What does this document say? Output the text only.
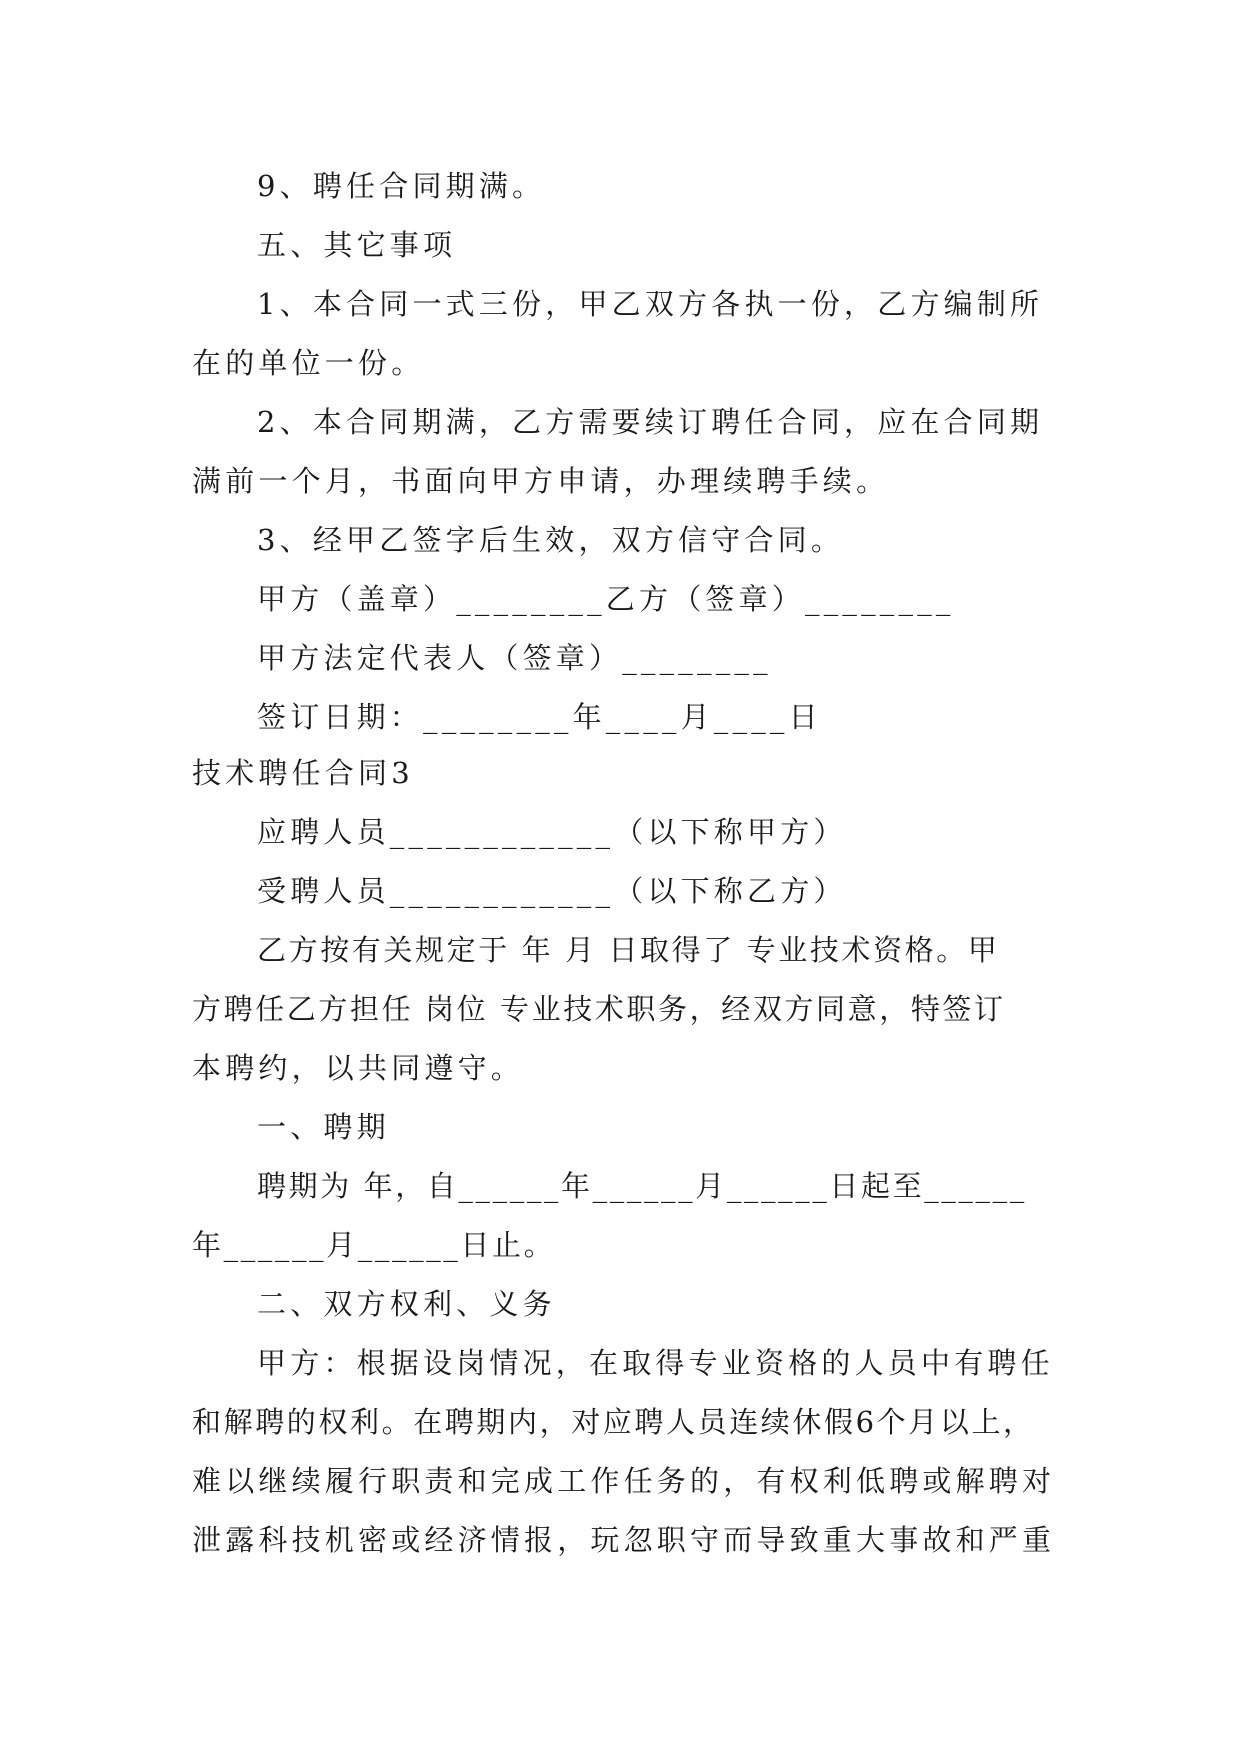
9、聘任合同期满。
五、其它事项
1、本合同一式三份，甲乙双方各执一份，乙方编制所
在的单位一份。
2、本合同期满，乙方需要续订聘任合同，应在合同期
满前一个月，书面向甲方申请，办理续聘手续。
3、经甲乙签字后生效，双方信守合同。
甲方（盖章）________乙方（签章）________
甲方法定代表人（签章）________
签订日期：________年____月____日
技术聘任合同3
应聘人员____________（以下称甲方）
受聘人员____________（以下称乙方）
乙方按有关规定于 年 月 日取得了 专业技术资格。甲
方聘任乙方担任 岗位 专业技术职务，经双方同意，特签订
本聘约，以共同遵守。
一、聘期
聘期为 年，自______年______月______日起至______
年______月______日止。
二、双方权利、义务
甲方：根据设岗情况，在取得专业资格的人员中有聘任
和解聘的权利。在聘期内，对应聘人员连续休假6个月以上，
难以继续履行职责和完成工作任务的，有权利低聘或解聘对
泄露科技机密或经济情报，玩忽职守而导致重大事故和严重
